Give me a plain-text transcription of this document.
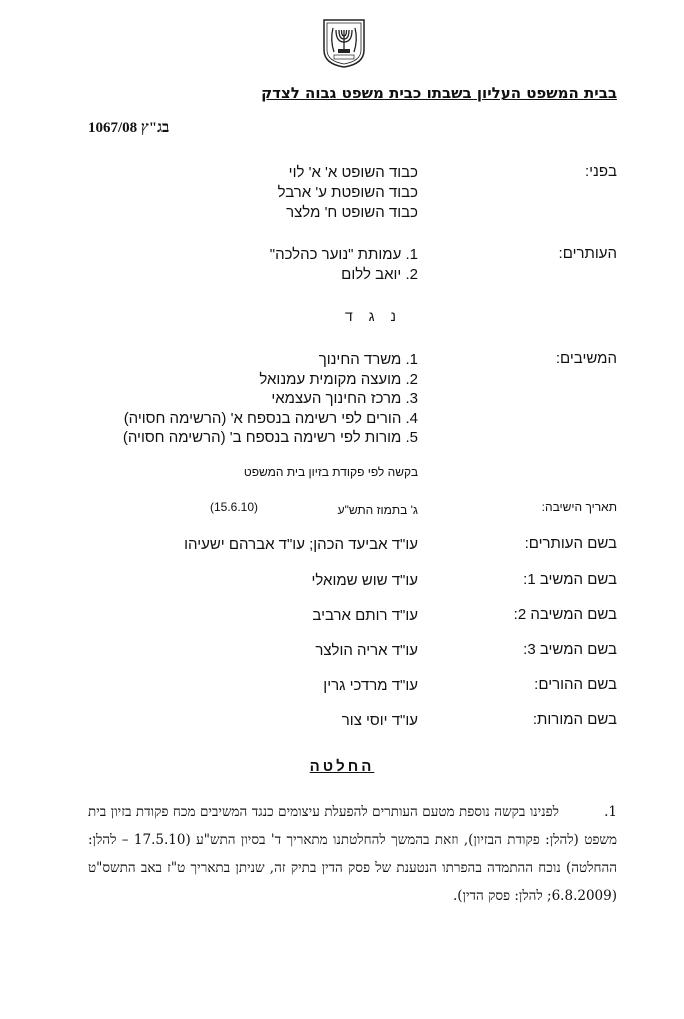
בבית המשפט העליון בשבתו כבית משפט גבוה לצדק
בג"ץ 1067/08
בפני:
כבוד השופט א' א' לוי
כבוד השופטת ע' ארבל
כבוד השופט ח' מלצר
העותרים:
1. עמותת "נוער כהלכה"
2. יואב ללום
נ ג ד
המשיבים:
1. משרד החינוך
2. מועצה מקומית עמנואל
3. מרכז החינוך העצמאי
4. הורים לפי רשימה בנספח א' (הרשימה חסויה)
5. מורות לפי רשימה בנספח ב' (הרשימה חסויה)
בקשה לפי פקודת בזיון בית המשפט
תאריך הישיבה:
ג' בתמוז התש"ע
(15.6.10)
בשם העותרים:
עו"ד אביעד הכהן; עו"ד אברהם ישעיהו
בשם המשיב 1:
עו"ד שוש שמואלי
בשם המשיבה 2:
עו"ד רותם ארביב
בשם המשיב 3:
עו"ד אריה הולצר
בשם ההורים:
עו"ד מרדכי גרין
בשם המורות:
עו"ד יוסי צור
החלטה
1.לפנינו בקשה נוספת מטעם העותרים להפעלת עיצומים כנגד המשיבים מכח פקודת בזיון בית משפט (להלן: פקודת הבזיון), וזאת בהמשך להחלטתנו מתאריך ד' בסיון התש"ע (17.5.10 – להלן: ההחלטה) נוכח ההתמדה בהפרתו הנטענת של פסק הדין בתיק זה, שניתן בתאריך ט"ז באב התשס"ט (6.8.2009; להלן: פסק הדין).
